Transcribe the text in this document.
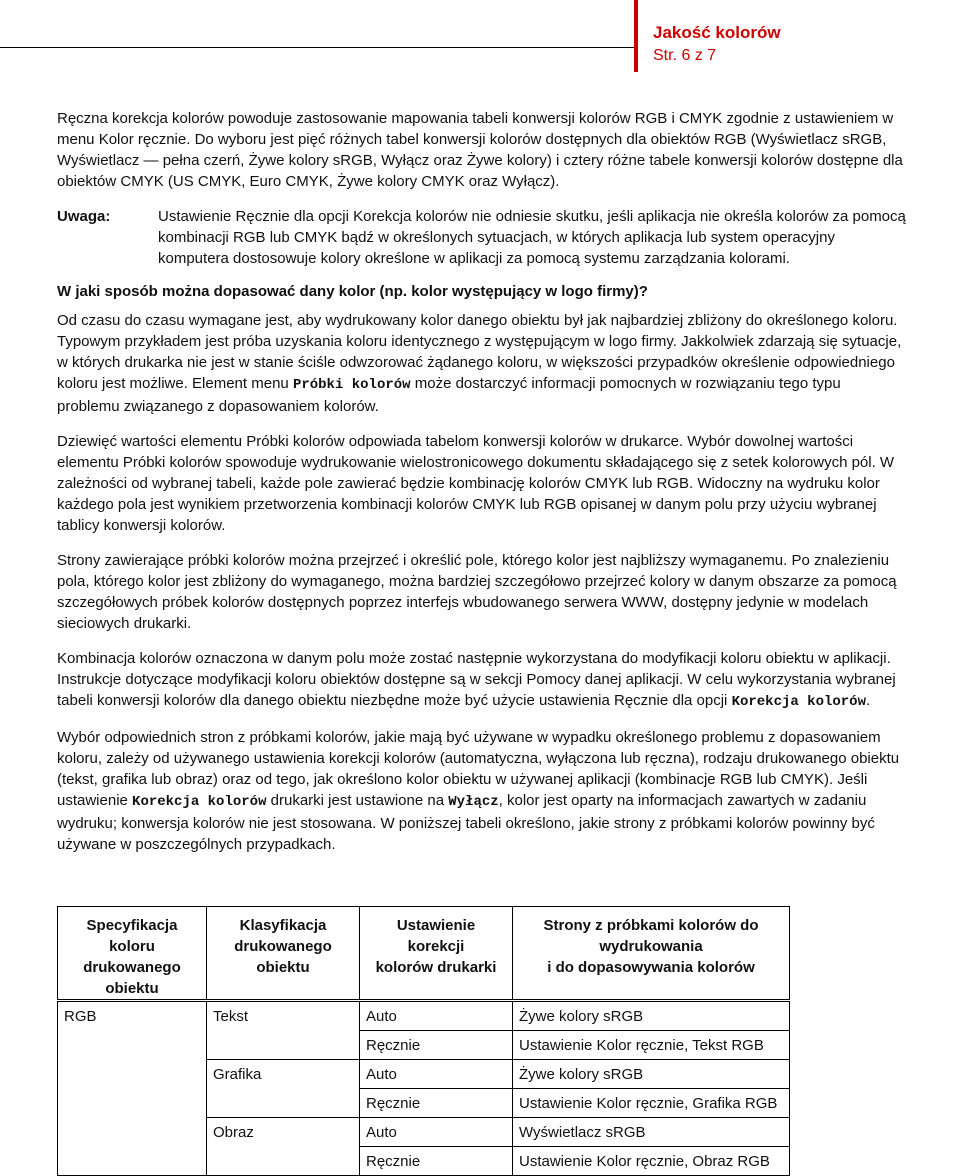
Jakość kolorów
Str. 6 z 7

Ręczna korekcja kolorów powoduje zastosowanie mapowania tabeli konwersji kolorów RGB i CMYK zgodnie z ustawieniem w menu Kolor ręcznie. Do wyboru jest pięć różnych tabel konwersji kolorów dostępnych dla obiektów RGB (Wyświetlacz sRGB, Wyświetlacz — pełna czerń, Żywe kolory sRGB, Wyłącz oraz Żywe kolory) i cztery różne tabele konwersji kolorów dostępne dla obiektów CMYK (US CMYK, Euro CMYK, Żywe kolory CMYK oraz Wyłącz).

Uwaga:	Ustawienie Ręcznie dla opcji Korekcja kolorów nie odniesie skutku, jeśli aplikacja nie określa kolorów za pomocą kombinacji RGB lub CMYK bądź w określonych sytuacjach, w których aplikacja lub system operacyjny komputera dostosowuje kolory określone w aplikacji za pomocą systemu zarządzania kolorami.
W jaki sposób można dopasować dany kolor (np. kolor występujący w logo firmy)?

Od czasu do czasu wymagane jest, aby wydrukowany kolor danego obiektu był jak najbardziej zbliżony do określonego koloru. Typowym przykładem jest próba uzyskania koloru identycznego z występującym w logo firmy. Jakkolwiek zdarzają się sytuacje, w których drukarka nie jest w stanie ściśle odwzorować żądanego koloru, w większości przypadków określenie odpowiedniego koloru jest możliwe. Element menu Próbki kolorów może dostarczyć informacji pomocnych w rozwiązaniu tego typu problemu związanego z dopasowaniem kolorów.

Dziewięć wartości elementu Próbki kolorów odpowiada tabelom konwersji kolorów w drukarce. Wybór dowolnej wartości elementu Próbki kolorów spowoduje wydrukowanie wielostronicowego dokumentu składającego się z setek kolorowych pól. W zależności od wybranej tabeli, każde pole zawierać będzie kombinację kolorów CMYK lub RGB. Widoczny na wydruku kolor każdego pola jest wynikiem przetworzenia kombinacji kolorów CMYK lub RGB opisanej w danym polu przy użyciu wybranej tablicy konwersji kolorów.

Strony zawierające próbki kolorów można przejrzeć i określić pole, którego kolor jest najbliższy wymaganemu. Po znalezieniu pola, którego kolor jest zbliżony do wymaganego, można bardziej szczegółowo przejrzeć kolory w danym obszarze za pomocą szczegółowych próbek kolorów dostępnych poprzez interfejs wbudowanego serwera WWW, dostępny jedynie w modelach sieciowych drukarki.

Kombinacja kolorów oznaczona w danym polu może zostać następnie wykorzystana do modyfikacji koloru obiektu w aplikacji. Instrukcje dotyczące modyfikacji koloru obiektów dostępne są w sekcji Pomocy danej aplikacji. W celu wykorzystania wybranej tabeli konwersji kolorów dla danego obiektu niezbędne może być użycie ustawienia Ręcznie dla opcji Korekcja kolorów.

Wybór odpowiednich stron z próbkami kolorów, jakie mają być używane w wypadku określonego problemu z dopasowaniem koloru, zależy od używanego ustawienia korekcji kolorów (automatyczna, wyłączona lub ręczna), rodzaju drukowanego obiektu (tekst, grafika lub obraz) oraz od tego, jak określono kolor obiektu w używanej aplikacji (kombinacje RGB lub CMYK). Jeśli ustawienie Korekcja kolorów drukarki jest ustawione na Wyłącz, kolor jest oparty na informacjach zawartych w zadaniu wydruku; konwersja kolorów nie jest stosowana. W poniższej tabeli określono, jakie strony z próbkami kolorów powinny być używane w poszczególnych przypadkach.

Specyfikacja
koloru
drukowanego
obiektu	Klasyfikacja
drukowanego
obiektu	Ustawienie
korekcji
kolorów drukarki	Strony z próbkami kolorów do
wydrukowania
i do dopasowywania kolorów
RGB	Tekst	Auto	Żywe kolory sRGB
		Ręcznie	Ustawienie Kolor ręcznie, Tekst RGB
	Grafika	Auto	Żywe kolory sRGB
		Ręcznie	Ustawienie Kolor ręcznie, Grafika RGB
	Obraz	Auto	Wyświetlacz sRGB
		Ręcznie	Ustawienie Kolor ręcznie, Obraz RGB
